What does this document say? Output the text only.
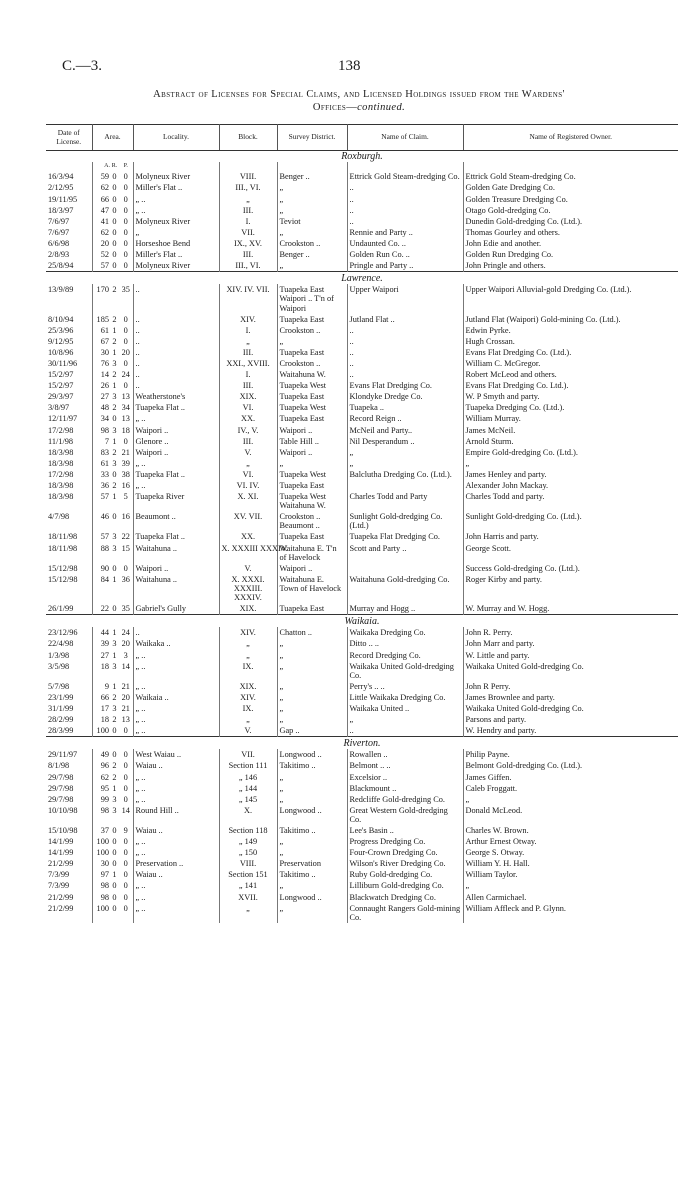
C.—3.	138
Abstract of Licenses for Special Claims, and Licensed Holdings issued from the Wardens'
Offices—continued.
Date of License.	Area.			Locality.	Block.	Survey District.	Name of Claim.	Name of Registered Owner.
Roxburgh.								
	A.	R.	P.					
16/3/94	59	0	0	Molyneux River	VIII.	Benger ..	Ettrick Gold Steam-dredging Co.	Ettrick Gold Steam-dredging Co.
2/12/95	62	0	0	Miller's Flat ..	III., VI.	„	..	Golden Gate Dredging Co.
19/11/95	66	0	0	„ ..	„	„	..	Golden Treasure Dredging Co.
18/3/97	47	0	0	„ ..	III.	„	..	Otago Gold-dredging Co.
7/6/97	41	0	0	Molyneux River	I.	Teviot	..	Dunedin Gold-dredging Co. (Ltd.).
7/6/97	62	0	0	„	VII.	„	Rennie and Party ..	Thomas Gourley and others.
6/6/98	20	0	0	Horseshoe Bend	IX., XV.	Crookston ..	Undaunted Co. ..	John Edie and another.
2/8/93	52	0	0	Miller's Flat ..	III.	Benger ..	Golden Run Co. ..	Golden Run Dredging Co.
25/8/94	57	0	0	Molyneux River	III., VI.	„	Pringle and Party ..	John Pringle and others.

Lawrence.								
13/9/89	170	2	35	..	XIV. IV. VII.	Tuapeka East Waipori .. T'n of Waipori	Upper Waipori	Upper Waipori Alluvial-gold Dredging Co. (Ltd.).
8/10/94	185	2	0	..	XIV.	Tuapeka East	Jutland Flat ..	Jutland Flat (Waipori) Gold-mining Co. (Ltd.).
25/3/96	61	1	0	..	I.	Crookston ..	..	Edwin Pyrke.
9/12/95	67	2	0	..	„	„	..	Hugh Crossan.
10/8/96	30	1	20	..	III.	Tuapeka East	..	Evans Flat Dredging Co. (Ltd.).
30/11/96	76	3	0	..	XXI., XVIII.	Crookston ..	..	William C. McGregor.
15/2/97	14	2	24	..	I.	Waitahuna W.	..	Robert McLeod and others.
15/2/97	26	1	0	..	III.	Tuapeka West	Evans Flat Dredging Co.	Evans Flat Dredging Co. Ltd.).
29/3/97	27	3	13	Weatherstone's	XIX.	Tuapeka East	Klondyke Dredge Co.	W. P Smyth and party.
3/8/97	48	2	34	Tuapeka Flat ..	VI.	Tuapeka West	Tuapeka ..	Tuapeka Dredging Co. (Ltd.).
12/11/97	34	0	13	„ ..	XX.	Tuapeka East	Record Reign ..	William Murray.
17/2/98	98	3	18	Waipori ..	IV., V.	Waipori ..	McNeil and Party..	James McNeil.
11/1/98	7	1	0	Glenore ..	III.	Table Hill ..	Nil Desperandum ..	Arnold Sturm.
18/3/98	83	2	21	Waipori ..	V.	Waipori ..	„	Empire Gold-dredging Co. (Ltd.).
18/3/98	61	3	39	„ ..	„	„	„	„
17/2/98	33	0	38	Tuapeka Flat ..	VI.	Tuapeka West	Balclutha Dredging Co. (Ltd.).	James Henley and party.
18/3/98	36	2	16	„ ..	VI. IV.	Tuapeka East		Alexander John Mackay.
18/3/98	57	1	5	Tuapeka River	X. XI.	Tuapeka West Waitahuna W.	Charles Todd and Party	Charles Todd and party.
4/7/98	46	0	16	Beaumont ..	XV. VII.	Crookston .. Beaumont ..	Sunlight Gold-dredging Co. (Ltd.)	Sunlight Gold-dredging Co. (Ltd.).
18/11/98	57	3	22	Tuapeka Flat ..	XX.	Tuapeka East	Tuapeka Flat Dredging Co.	John Harris and party.
18/11/98	88	3	15	Waitahuna ..	X. XXXIII XXXIV.	Waitahuna E. T'n of Havelock	Scott and Party ..	George Scott.
15/12/98	90	0	0	Waipori ..	V.	Waipori ..		Success Gold-dredging Co. (Ltd.).
15/12/98	84	1	36	Waitahuna ..	X. XXXI. XXXIII. XXXIV.	Waitahuna E. Town of Havelock	Waitahuna Gold-dredging Co.	Roger Kirby and party.
26/1/99	22	0	35	Gabriel's Gully	XIX.	Tuapeka East	Murray and Hogg ..	W. Murray and W. Hogg.

Waikaia.								
23/12/96	44	1	24	..	XIV.	Chatton ..	Waikaka Dredging Co.	John R. Perry.
22/4/98	39	3	20	Waikaka ..	„	„	Ditto .. ..	John Marr and party.
1/3/98	27	1	3	„ ..	„	„	Record Dredging Co.	W. Little and party.
3/5/98	18	3	14	„ ..	IX.	„	Waikaka United Gold-dredging Co.	Waikaka United Gold-dredging Co.
5/7/98	9	1	21	„ ..	XIX.	„	Perry's .. ..	John R Perry.
23/1/99	66	2	20	Waikaia ..	XIV.	„	Little Waikaka Dredging Co.	James Brownlee and party.
31/1/99	17	3	21	„ ..	IX.	„	Waikaka United ..	Waikaka United Gold-dredging Co.
28/2/99	18	2	13	„ ..	„	„	„	Parsons and party.
28/3/99	100	0	0	„ ..	V.	Gap ..	..	W. Hendry and party.

Riverton.								
29/11/97	49	0	0	West Waiau ..	VII.	Longwood ..	Rowallen ..	Philip Payne.
8/1/98	96	2	0	Waiau ..	Section 111	Takitimo ..	Belmont .. ..	Belmont Gold-dredging Co. (Ltd.).
29/7/98	62	2	0	„ ..	„ 146	„	Excelsior ..	James Giffen.
29/7/98	95	1	0	„ ..	„ 144	„	Blackmount ..	Caleb Froggatt.
29/7/98	99	3	0	„ ..	„ 145	„	Redcliffe Gold-dredging Co.	„
10/10/98	98	3	14	Round Hill ..	X.	Longwood ..	Great Western Gold-dredging Co.	Donald McLeod.
15/10/98	37	0	9	Waiau ..	Section 118	Takitimo ..	Lee's Basin ..	Charles W. Brown.
14/1/99	100	0	0	„ ..	„ 149	„	Progress Dredging Co.	Arthur Ernest Otway.
14/1/99	100	0	0	„ ..	„ 150	„	Four-Crown Dredging Co.	George S. Otway.
21/2/99	30	0	0	Preservation ..	VIII.	Preservation	Wilson's River Dredging Co.	William Y. H. Hall.
7/3/99	97	1	0	Waiau ..	Section 151	Takitimo ..	Ruby Gold-dredging Co.	William Taylor.
7/3/99	98	0	0	„ ..	„ 141	„	Lilliburn Gold-dredging Co.	„
21/2/99	98	0	0	„ ..	XVII.	Longwood ..	Blackwatch Dredging Co.	Allen Carmichael.
21/2/99	100	0	0	„ ..	„	„	Connaught Rangers Gold-mining Co.	William Affleck and P. Glynn.
